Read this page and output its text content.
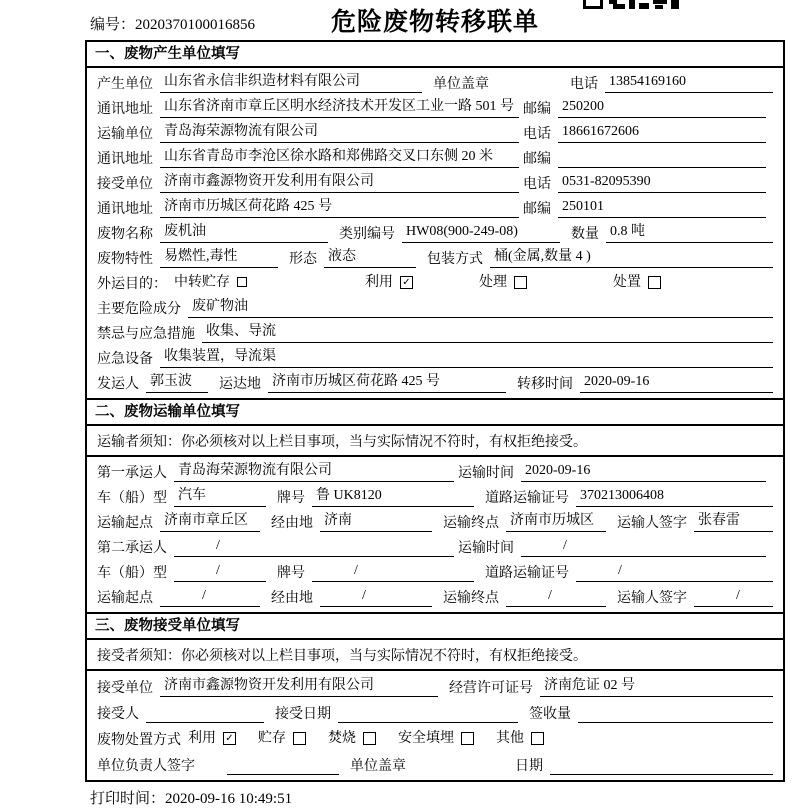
编号：2020370100016856	危险废物转移联单
一、废物产生单位填写
产生单位 山东省永信非织造材料有限公司	单位盖章	电话 13854169160
通讯地址 山东省济南市章丘区明水经济技术开发区工业一路 501 号 邮编 250200
运输单位 青岛海荣源物流有限公司	电话 18661672606
通讯地址 山东省青岛市李沧区徐水路和郑佛路交叉口东侧 20 米	邮编
接受单位 济南市鑫源物资开发利用有限公司	电话 0531-82095390
通讯地址 济南市历城区荷花路 425 号	邮编 250101
废物名称 废机油	类别编号 HW08(900-249-08)	数量 0.8 吨
废物特性 易燃性,毒性	形态 液态	包装方式 桶(金属,数量 4 )
外运目的： 中转贮存	利用 ✓	处理	处置
主要危险成分 废矿物油
禁忌与应急措施 收集、导流
应急设备 收集装置，导流渠
发运人 郭玉波	运达地 济南市历城区荷花路 425 号	转移时间 2020-09-16
二、废物运输单位填写
运输者须知：你必须核对以上栏目事项，当与实际情况不符时，有权拒绝接受。
第一承运人 青岛海荣源物流有限公司	运输时间 2020-09-16
车（船）型 汽车	牌号 鲁 UK8120	道路运输证号 370213006408
运输起点 济南市章丘区	经由地 济南	运输终点 济南市历城区	运输人签字 张春雷
第二承运人	/	运输时间	/
车（船）型	/	牌号	/	道路运输证号	/
运输起点	/	经由地	/	运输终点	/	运输人签字	/
三、废物接受单位填写
接受者须知：你必须核对以上栏目事项，当与实际情况不符时，有权拒绝接受。
接受单位 济南市鑫源物资开发利用有限公司	经营许可证号 济南危证 02 号
接受人	接受日期	签收量
废物处置方式 利用 ✓ 贮存	焚烧	安全填埋	其他
单位负责人签字	单位盖章	日期
打印时间：2020-09-16 10:49:51
